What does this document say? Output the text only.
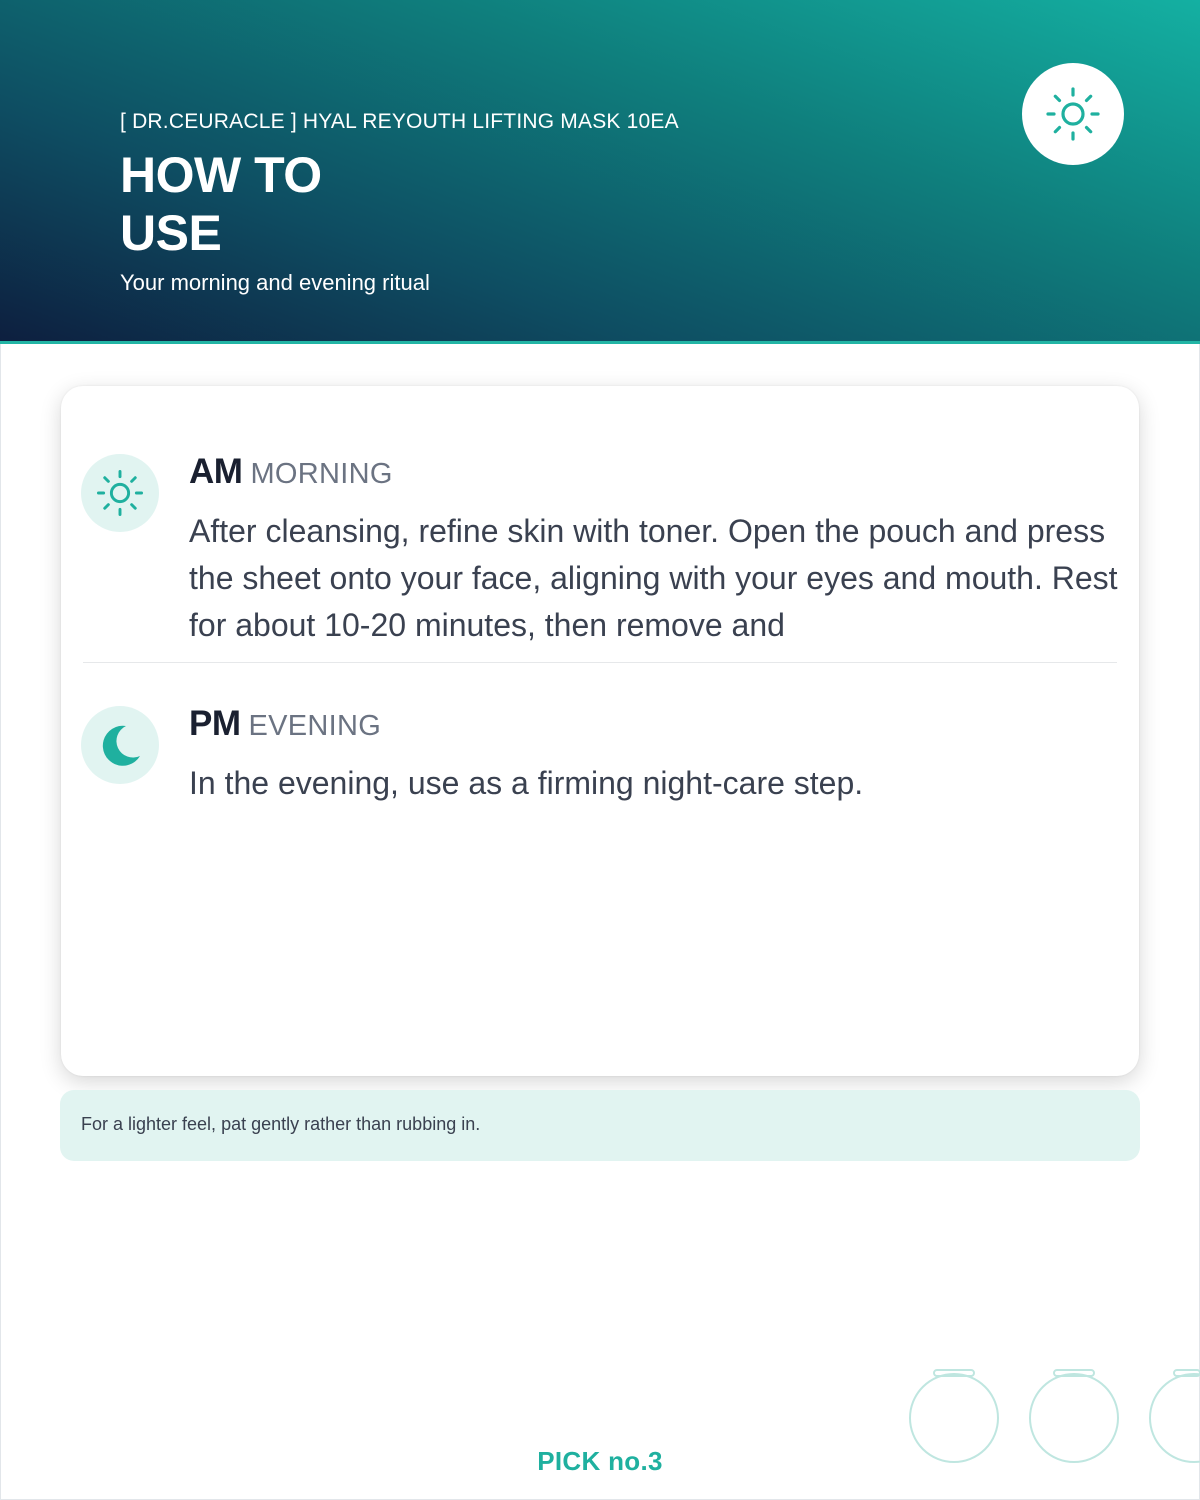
[ DR.CEURACLE ] HYAL REYOUTH LIFTING MASK 10EA
HOW TO
USE
Your morning and evening ritual
AM MORNING
After cleansing, refine skin with toner. Open the pouch and press the sheet onto your face, aligning with your eyes and mouth. Rest for about 10-20 minutes, then remove and
PM EVENING
In the evening, use as a firming night-care step.
For a lighter feel, pat gently rather than rubbing in.
PICK no.3
